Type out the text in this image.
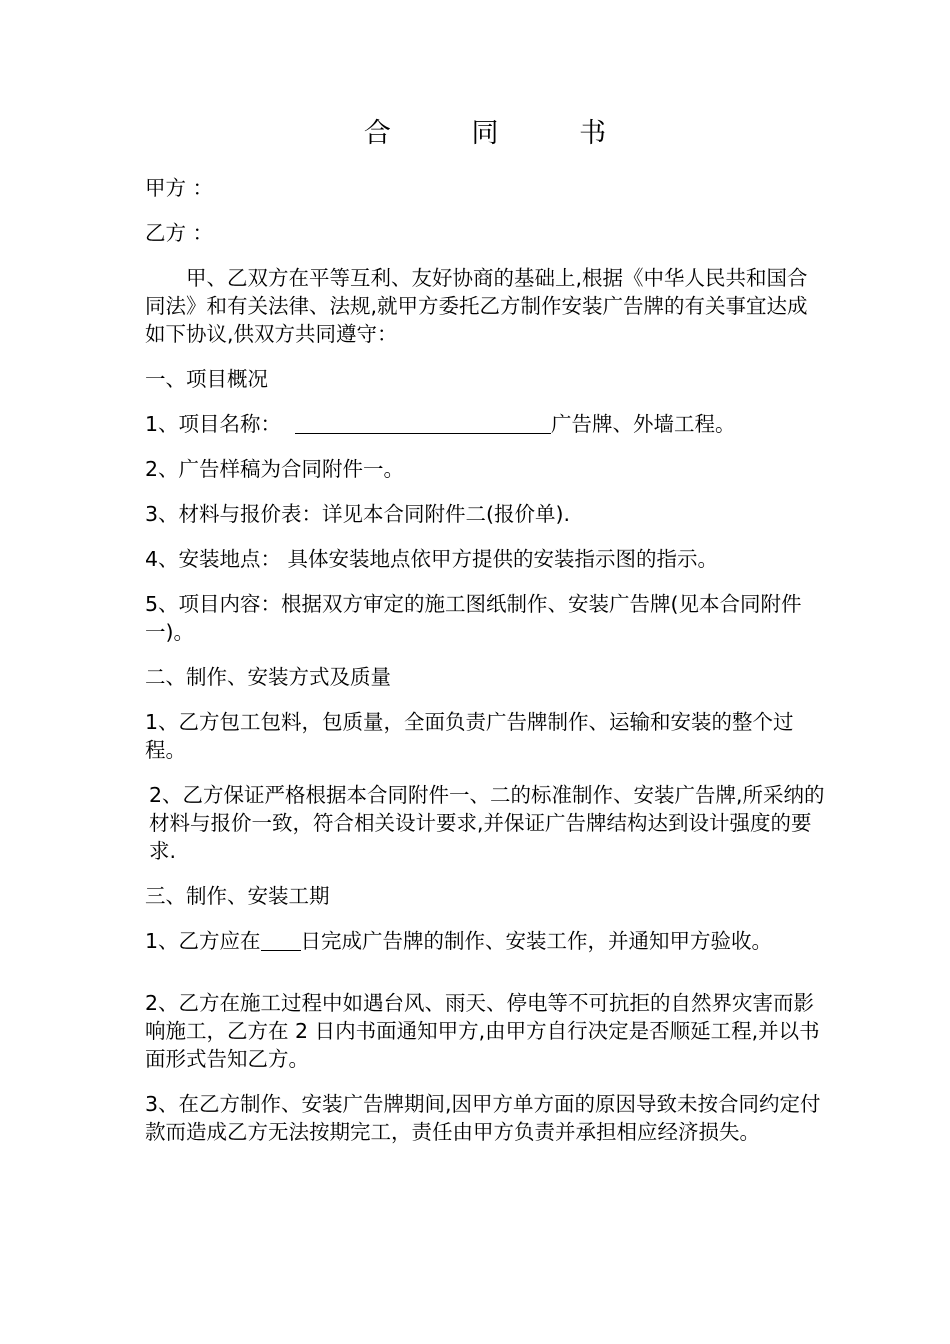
合 同 书
甲方 ：
乙方 ：
甲、乙双方在平等互利、友好协商的基础上,根据《中华人民共和国合同法》和有关法律、法规,就甲方委托乙方制作安装广告牌的有关事宜达成如下协议,供双方共同遵守：
一、项目概况
1、项目名称：	广告牌、外墙工程。
2、广告样稿为合同附件一。
3、材料与报价表：详见本合同附件二(报价单).
4、安装地点： 具体安装地点依甲方提供的安装指示图的指示。
5、项目内容：根据双方审定的施工图纸制作、安装广告牌(见本合同附件一)。
二、制作、安装方式及质量
1、乙方包工包料，包质量，全面负责广告牌制作、运输和安装的整个过程。
2、乙方保证严格根据本合同附件一、二的标准制作、安装广告牌,所采纳的材料与报价一致，符合相关设计要求,并保证广告牌结构达到设计强度的要求.
三、制作、安装工期
1、乙方应在 日完成广告牌的制作、安装工作，并通知甲方验收。
2、乙方在施工过程中如遇台风、雨天、停电等不可抗拒的自然界灾害而影响施工，乙方在 2 日内书面通知甲方,由甲方自行决定是否顺延工程,并以书面形式告知乙方。
3、在乙方制作、安装广告牌期间,因甲方单方面的原因导致未按合同约定付款而造成乙方无法按期完工，责任由甲方负责并承担相应经济损失。
